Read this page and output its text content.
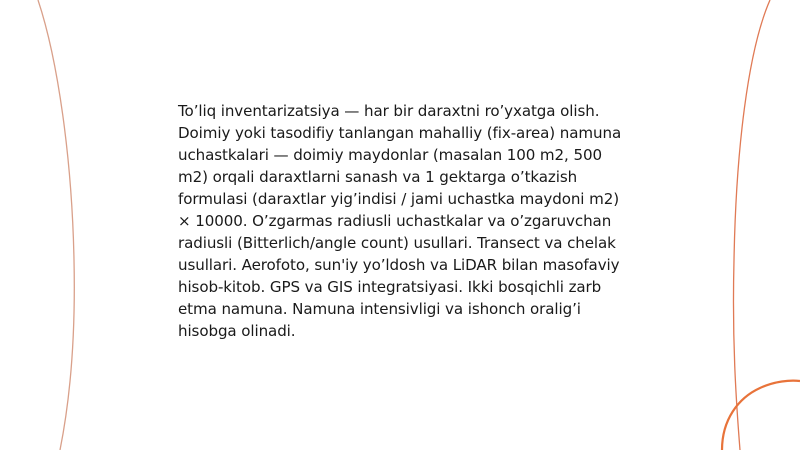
To’liq inventarizatsiya — har bir daraxtni ro’yxatga olish. Doimiy yoki tasodifiy tanlangan mahalliy (fix-area) namuna uchastkalari — doimiy maydonlar (masalan 100 m2, 500 m2) orqali daraxtlarni sanash va 1 gektarga o’tkazish formulasi (daraxtlar yig’indisi / jami uchastka maydoni m2) × 10000. O’zgarmas radiusli uchastkalar va o’zgaruvchan radiusli (Bitterlich/angle count) usullari. Transect va chelak usullari. Aerofoto, sun'iy yo’ldosh va LiDAR bilan masofaviy hisob-kitob. GPS va GIS integratsiyasi. Ikki bosqichli zarb etma namuna. Namuna intensivligi va ishonch oralig’i hisobga olinadi.
